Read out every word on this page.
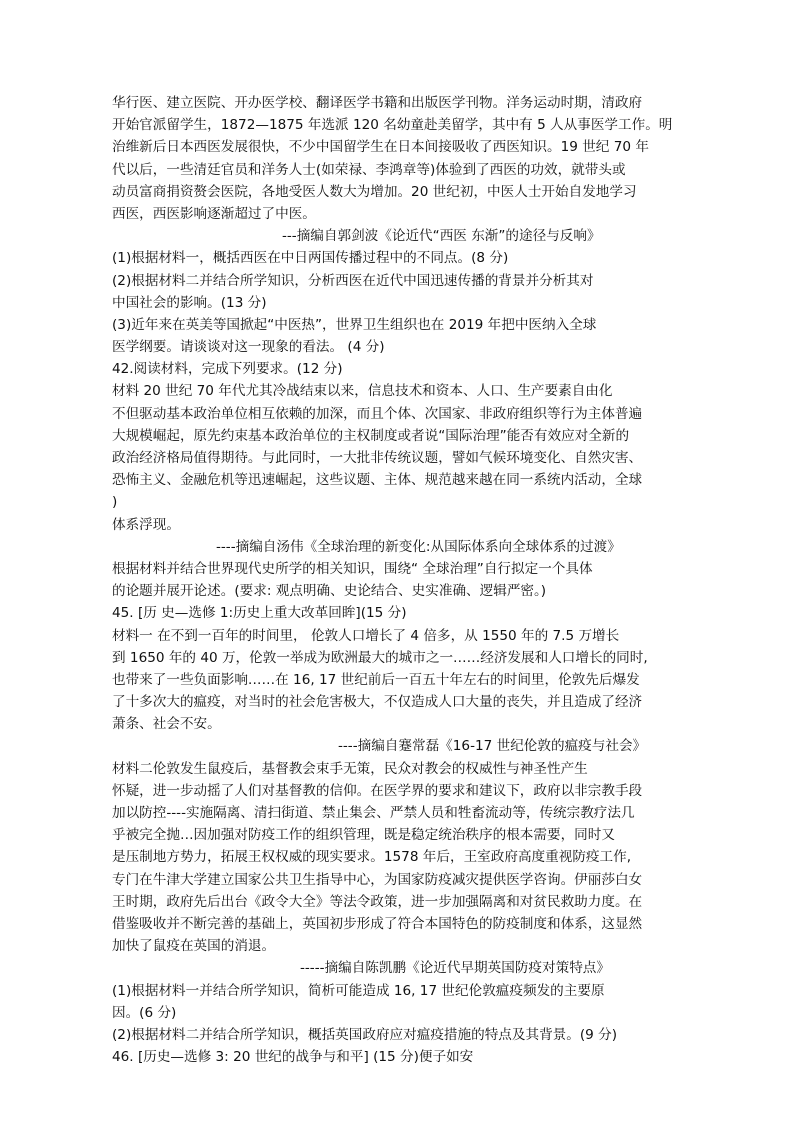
华行医、建立医院、开办医学校、翻译医学书籍和出版医学刊物。洋务运动时期，清政府
开始官派留学生，1872—1875 年选派 120 名幼童赴美留学，其中有 5 人从事医学工作。明
治维新后日本西医发展很快，不少中国留学生在日本间接吸收了西医知识。19 世纪 70 年
代以后，一些清廷官员和洋务人士(如荣禄、李鸿章等)体验到了西医的功效，就带头或
动员富商捐资赘会医院，各地受医人数大为增加。20 世纪初，中医人士开始自发地学习
西医，西医影响逐渐超过了中医。
---摘编自郭剑波《论近代“西医 东渐”的途径与反响》
(1)根据材料一，概括西医在中日两国传播过程中的不同点。(8 分)
(2)根据材料二并结合所学知识，分析西医在近代中国迅速传播的背景并分析其对
中国社会的影响。(13 分)
(3)近年来在英美等国掀起“中医热”，世界卫生组织也在 2019 年把中医纳入全球
医学纲要。请谈谈对这一现象的看法。 (4 分)
42.阅读材料，完成下列要求。(12 分)
材料 20 世纪 70 年代尤其冷战结束以来，信息技术和资本、人口、生产要素自由化
不但驱动基本政治单位相互依赖的加深，而且个体、次国家、非政府组织等行为主体普遍
大规模崛起，原先约束基本政治单位的主权制度或者说“国际治理”能否有效应对全新的
政治经济格局值得期待。与此同时，一大批非传统议题，譬如气候环境变化、自然灾害、
恐怖主义、金融危机等迅速崛起，这些议题、主体、规范越来越在同一系统内活动，全球
)
体系浮现。
----摘编自汤伟《全球治理的新变化:从国际体系向全球体系的过渡》
根据材料并结合世界现代史所学的相关知识，围绕“ 全球治理”自行拟定一个具体
的论题并展开论述。(要求: 观点明确、史论结合、史实准确、逻辑严密。)
45. [历 史—选修 1:历史上重大改革回眸](15 分)
材料一 在不到一百年的时间里， 伦敦人口增长了 4 倍多，从 1550 年的 7.5 万增长
到 1650 年的 40 万，伦敦一举成为欧洲最大的城市之一……经济发展和人口增长的同时,
也带来了一些负面影响……在 16, 17 世纪前后一百五十年左右的时间里，伦敦先后爆发
了十多次大的瘟疫，对当时的社会危害极大，不仅造成人口大量的丧失，并且造成了经济
萧条、社会不安。
----摘编自蹇常磊《16-17 世纪伦敦的瘟疫与社会》
材料二伦敦发生鼠疫后，基督教会束手无策，民众对教会的权威性与神圣性产生
怀疑，进一步动摇了人们对基督教的信仰。在医学界的要求和建议下，政府以非宗教手段
加以防控----实施隔离、清扫街道、禁止集会、严禁人员和牲畜流动等，传统宗教疗法几
乎被完全抛…因加强对防疫工作的组织管理，既是稳定统治秩序的根本需要，同时又
是压制地方势力，拓展王权权威的现实要求。1578 年后，王室政府高度重视防疫工作,
专门在牛津大学建立国家公共卫生指导中心，为国家防疫减灾提供医学咨询。伊丽莎白女
王时期，政府先后出台《政令大全》等法令政策，进一步加强隔离和对贫民救助力度。在
借鉴吸收并不断完善的基础上，英国初步形成了符合本国特色的防疫制度和体系，这显然
加快了鼠疫在英国的消退。
-----摘编自陈凯鹏《论近代早期英国防疫对策特点》
(1)根据材料一并结合所学知识，简析可能造成 16, 17 世纪伦敦瘟疫频发的主要原
因。(6 分)
(2)根据材料二并结合所学知识，概括英国政府应对瘟疫措施的特点及其背景。(9 分)
46. [历史—选修 3: 20 世纪的战争与和平] (15 分)便子如安
